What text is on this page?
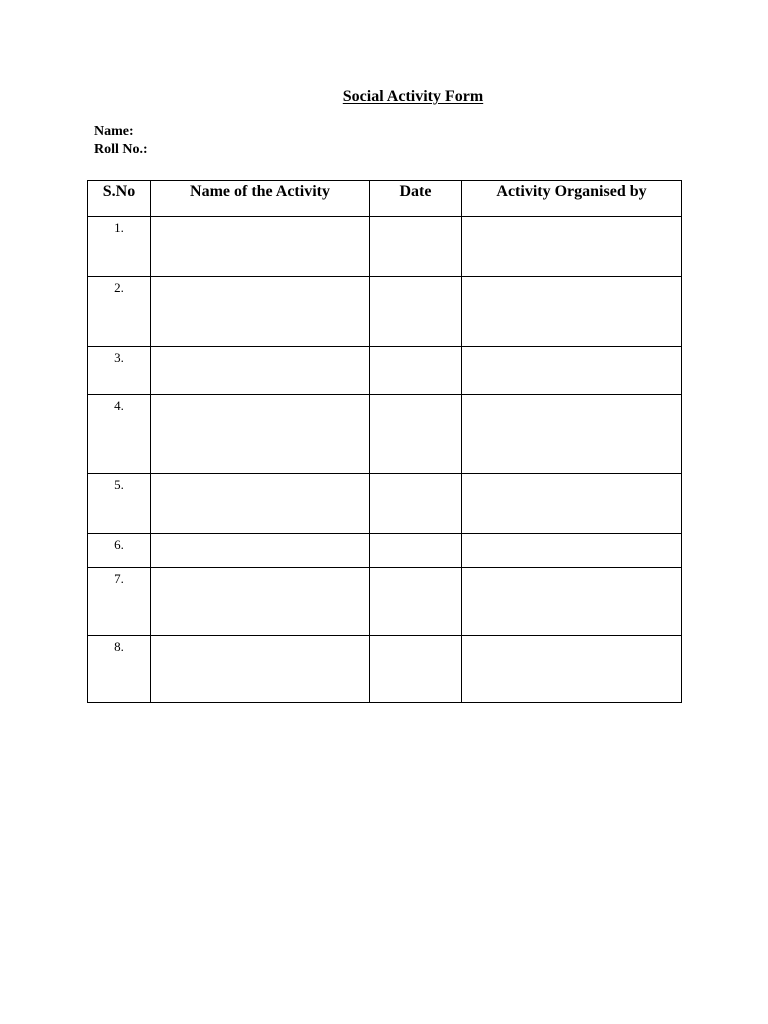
Social Activity Form
Name:
Roll No.:
S.No	Name of the Activity	Date	Activity Organised by
1.			
2.			
3.			
4.			
5.			
6.			
7.			
8.			
